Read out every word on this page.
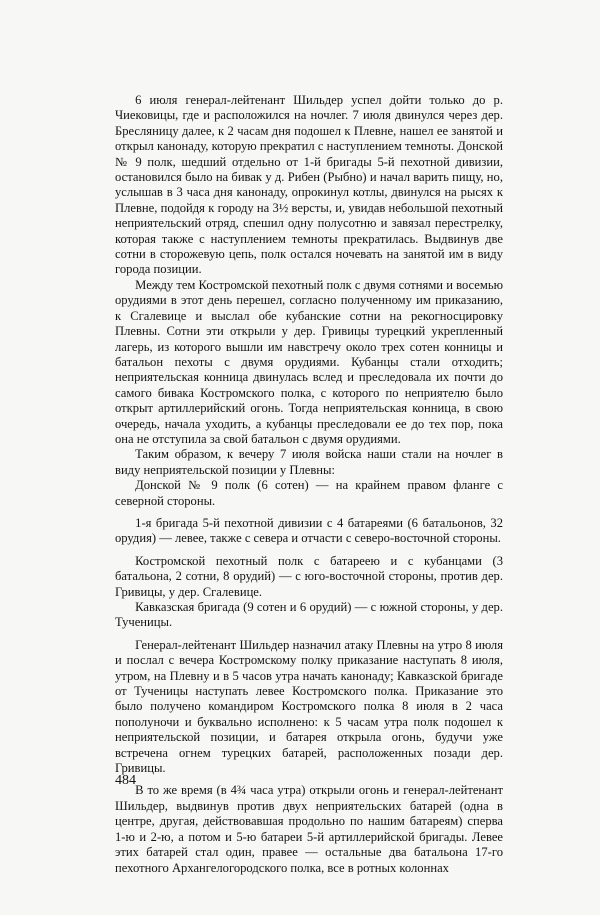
6 июля генерал-лейтенант Шильдер успел дойти только до р. Чиековицы, где и расположился на ночлег. 7 июля двинулся через дер. Бресляницу далее, к 2 часам дня подошел к Плевне, нашел ее занятой и открыл канонаду, которую прекратил с наступлением темноты. Донской № 9 полк, шедший отдельно от 1-й бригады 5-й пехотной дивизии, остановился было на бивак у д. Рибен (Рыбно) и начал варить пищу, но, услышав в 3 часа дня канонаду, опрокинул котлы, двинулся на рысях к Плевне, подойдя к городу на 3½ версты, и, увидав небольшой пехотный неприятельский отряд, спешил одну полусотню и завязал перестрелку, которая также с наступлением темноты прекратилась. Выдвинув две сотни в сторожевую цепь, полк остался ночевать на занятой им в виду города позиции.

Между тем Костромской пехотный полк с двумя сотнями и восемью орудиями в этот день перешел, согласно полученному им приказанию, к Сгалевице и выслал обе кубанские сотни на рекогносцировку Плевны. Сотни эти открыли у дер. Гривицы турецкий укрепленный лагерь, из которого вышли им навстречу около трех сотен конницы и батальон пехоты с двумя орудиями. Кубанцы стали отходить; неприятельская конница двинулась вслед и преследовала их почти до самого бивака Костромского полка, с которого по неприятелю было открыт артиллерийский огонь. Тогда неприятельская конница, в свою очередь, начала уходить, а кубанцы преследовали ее до тех пор, пока она не отступила за свой батальон с двумя орудиями.

Таким образом, к вечеру 7 июля войска наши стали на ночлег в виду неприятельской позиции у Плевны:

Донской № 9 полк (6 сотен) — на крайнем правом фланге с северной стороны.

1-я бригада 5-й пехотной дивизии с 4 батареями (6 батальонов, 32 орудия) — левее, также с севера и отчасти с северо-восточной стороны.

Костромской пехотный полк с батареею и с кубанцами (3 батальона, 2 сотни, 8 орудий) — с юго-восточной стороны, против дер. Гривицы, у дер. Сгалевице.

Кавказская бригада (9 сотен и 6 орудий) — с южной стороны, у дер. Тученицы.

Генерал-лейтенант Шильдер назначил атаку Плевны на утро 8 июля и послал с вечера Костромскому полку приказание наступать 8 июля, утром, на Плевну и в 5 часов утра начать канонаду; Кавказской бригаде от Тученицы наступать левее Костромского полка. Приказание это было получено командиром Костромского полка 8 июля в 2 часа пополуночи и буквально исполнено: к 5 часам утра полк подошел к неприятельской позиции, и батарея открыла огонь, будучи уже встречена огнем турецких батарей, расположенных позади дер. Гривицы.

В то же время (в 4¾ часа утра) открыли огонь и генерал-лейтенант Шильдер, выдвинув против двух неприятельских батарей (одна в центре, другая, действовавшая продольно по нашим батареям) сперва 1-ю и 2-ю, а потом и 5-ю батареи 5-й артиллерийской бригады. Левее этих батарей стал один, правее — остальные два батальона 17-го пехотного Архангелогородского полка, все в ротных колоннах

484
